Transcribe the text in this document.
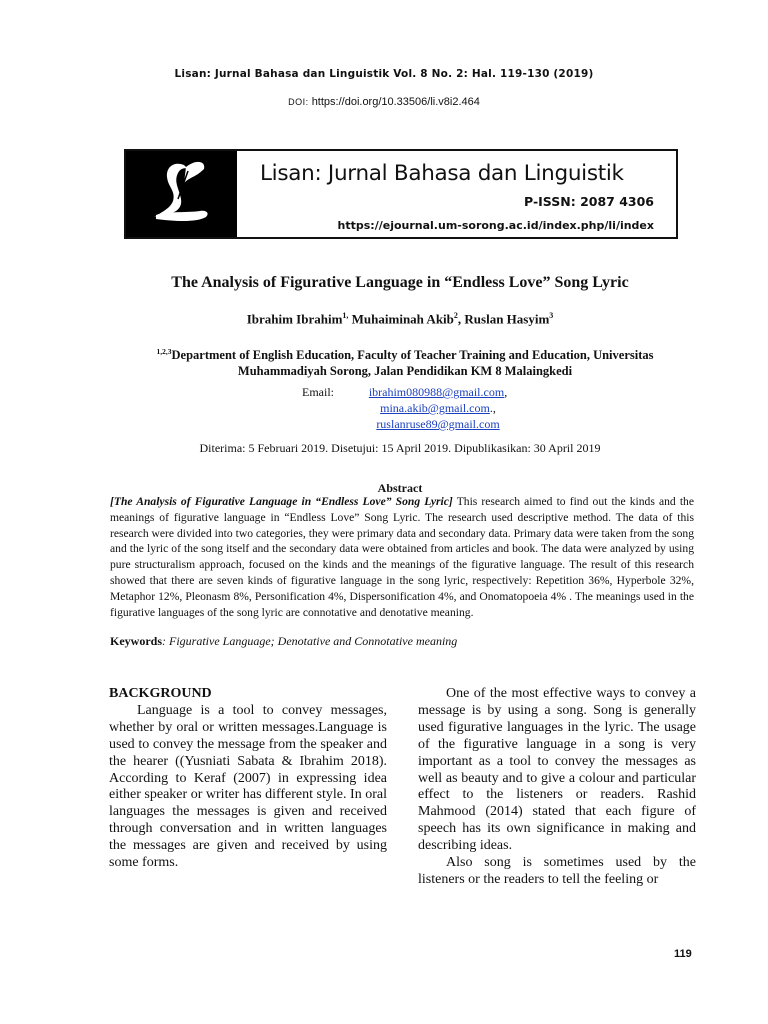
Lisan: Jurnal Bahasa dan Linguistik Vol. 8 No. 2: Hal. 119-130 (2019)
DOI: https://doi.org/10.33506/li.v8i2.464
Lisan: Jurnal Bahasa dan Linguistik
P-ISSN: 2087 4306
https://ejournal.um-sorong.ac.id/index.php/li/index
The Analysis of Figurative Language in “Endless Love” Song Lyric
Ibrahim Ibrahim$^{1,}$ Muhaiminah Akib$^2$, Ruslan Hasyim$^3$
$^{1,2,3}$Department of English Education, Faculty of Teacher Training and Education, Universitas
Muhammadiyah Sorong, Jalan Pendidikan KM 8 Malaingkedi
Email:	ibrahim080988@gmail.com,
mina.akib@gmail.com.,
ruslanruse89@gmail.com
Diterima: 5 Februari 2019. Disetujui: 15 April 2019. Dipublikasikan: 30 April 2019
Abstract
[The Analysis of Figurative Language in “Endless Love” Song Lyric] This research aimed to find out the kinds and the meanings of figurative language in “Endless Love” Song Lyric. The research used descriptive method. The data of this research were divided into two categories, they were primary data and secondary data. Primary data were taken from the song and the lyric of the song itself and the secondary data were obtained from articles and book. The data were analyzed by using pure structuralism approach, focused on the kinds and the meanings of the figurative language. The result of this research showed that there are seven kinds of figurative language in the song lyric, respectively: Repetition 36%, Hyperbole 32%, Metaphor 12%, Pleonasm 8%, Personification 4%, Dispersonification 4%, and Onomatopoeia 4% . The meanings used in the figurative languages of the song lyric are connotative and denotative meaning.
Keywords: Figurative Language; Denotative and Connotative meaning

BACKGROUND

Language is a tool to convey messages, whether by oral or written messages.Language is used to convey the message from the speaker and the hearer ((Yusniati Sabata & Ibrahim 2018). According to Keraf (2007) in expressing idea either speaker or writer has different style. In oral languages the messages is given and received through conversation and in written languages the messages are given and received by using some forms.

One of the most effective ways to convey a message is by using a song. Song is generally used figurative languages in the lyric. The usage of the figurative language in a song is very important as a tool to convey the messages as well as beauty and to give a colour and particular effect to the listeners or readers. Rashid Mahmood (2014) stated that each figure of speech has its own significance in making and describing ideas.

Also song is sometimes used by the listeners or the readers to tell the feeling or

119
